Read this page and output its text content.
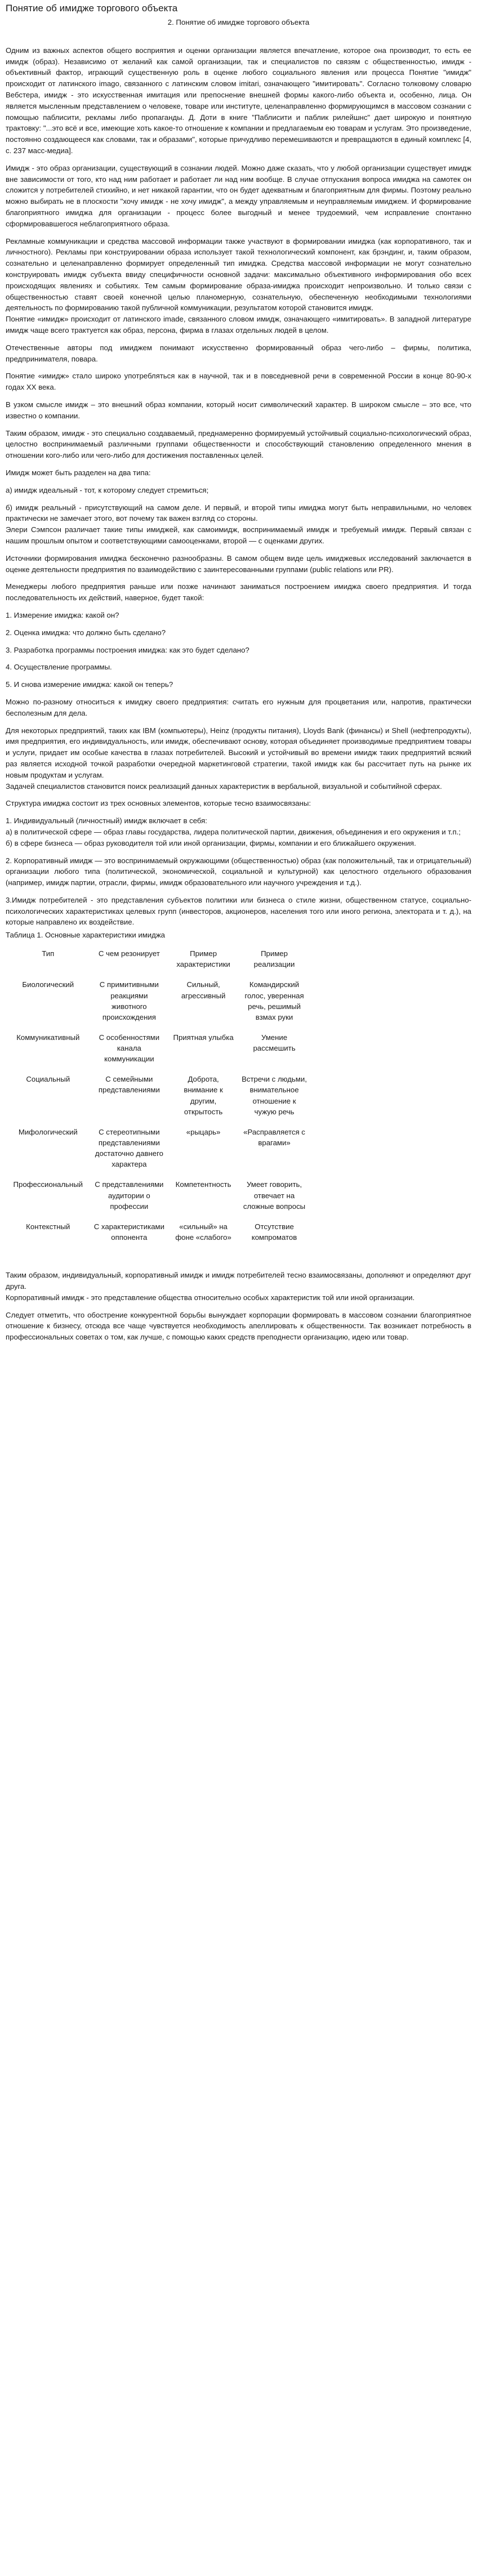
Понятие об имидже торгового объекта
2. Понятие об имидже торгового объекта

Одним из важных аспектов общего восприятия и оценки организации является впечатление, которое она производит, то есть ее имидж (образ). Независимо от желаний как самой организации, так и специалистов по связям с общественностью, имидж - объективный фактор, играющий существенную роль в оценке любого социального явления или процесса Понятие "имидж" происходит от латинского imago, связанного с латинским словом imitari, означающего "имитировать". Согласно толковому словарю Вебстера, имидж - это искусственная имитация или препоснение внешней формы какого-либо объекта и, особенно, лица. Он является мысленным представлением о человеке, товаре или институте, целенаправленно формирующимся в массовом сознании с помощью паблисити, рекламы либо пропаганды. Д. Доти в книге "Паблисити и паблик рилейшнс" дает широкую и понятную трактовку: "...это всё и все, имеющие хоть какое-то отношение к компании и предлагаемым ею товарам и услугам. Это произведение, постоянно создающееся как словами, так и образами", которые причудливо перемешиваются и превращаются в единый комплекс [4, с. 237 масс-медиа].

Имидж - это образ организации, существующий в сознании людей. Можно даже сказать, что у любой организации существует имидж вне зависимости от того, кто над ним работает и работает ли над ним вообще. В случае отпускания вопроса имиджа на самотек он сложится у потребителей стихийно, и нет никакой гарантии, что он будет адекватным и благоприятным для фирмы. Поэтому реально можно выбирать не в плоскости "хочу имидж - не хочу имидж", а между управляемым и неуправляемым имиджем. И формирование благоприятного имиджа для организации - процесс более выгодный и менее трудоемкий, чем исправление спонтанно сформировавшегося неблагоприятного образа.

Рекламные коммуникации и средства массовой информации также участвуют в формировании имиджа (как корпоративного, так и личностного). Рекламы при конструировании образа использует такой технологический компонент, как брэндинг, и, таким образом, сознательно и целенаправленно формирует определенный тип имиджа. Средства массовой информации не могут сознательно конструировать имидж субъекта ввиду специфичности основной задачи: максимально объективного информирования обо всех происходящих явлениях и событиях. Тем самым формирование образа-имиджа происходит непроизвольно. И только связи с общественностью ставят своей конечной целью планомерную, сознательную, обеспеченную необходимыми технологиями деятельность по формированию такой публичной коммуникации, результатом которой становится имидж.

Понятие «имидж» происходит от латинского imade, связанного словом имидж, означающего «имитировать». В западной литературе имидж чаще всего трактуется как образ, персона, фирма в глазах отдельных людей в целом.

Отечественные авторы под имиджем понимают искусственно формированный образ чего-либо – фирмы, политика, предпринимателя, повара.

Понятие «имидж» стало широко употребляться как в научной, так и в повседневной речи в современной России в конце 80-90-х годах ХХ века.

В узком смысле имидж – это внешний образ компании, который носит символический характер. В широком смысле – это все, что известно о компании.

Таким образом, имидж - это специально создаваемый, преднамеренно формируемый устойчивый социально-психологический образ, целостно воспринимаемый различными группами общественности и способствующий становлению определенного мнения в отношении кого-либо или чего-либо для достижения поставленных целей.

Имидж может быть разделен на два типа:

а) имидж идеальный - тот, к которому следует стремиться;

б) имидж реальный - присутствующий на самом деле. И первый, и второй типы имиджа могут быть неправильными, но человек практически не замечает этого, вот почему так важен взгляд со стороны.

Элери Сэмпсон различает такие типы имиджей, как самоимидж, воспринимаемый имидж и требуемый имидж. Первый связан с нашим прошлым опытом и соответствующими самооценками, второй — с оценками других.

Источники формирования имиджа бесконечно разнообразны. В самом общем виде цель имиджевых исследований заключается в оценке деятельности предприятия по взаимодействию с заинтересованными группами (public relations или PR).

Менеджеры любого предприятия раньше или позже начинают заниматься построением имиджа своего предприятия. И тогда последовательность их действий, наверное, будет такой:

1. Измерение имиджа: какой он?

2. Оценка имиджа: что должно быть сделано?

3. Разработка программы построения имиджа: как это будет сделано?

4. Осуществление программы.

5. И снова измерение имиджа: какой он теперь?

Можно по-разному относиться к имиджу своего предприятия: считать его нужным для процветания или, напротив, практически бесполезным для дела.

Для некоторых предприятий, таких как IBM (компьютеры), Heinz (продукты питания), Lloyds Bank (финансы) и Shell (нефтепродукты), имя предприятия, его индивидуальность, или имидж, обеспечивают основу, которая объединяет производимые предприятием товары и услуги, придает им особые качества в глазах потребителей. Высокий и устойчивый во времени имидж таких предприятий всякий раз является исходной точкой разработки очередной маркетинговой стратегии, такой имидж как бы рассчитает путь на рынке их новым продуктам и услугам.

Задачей специалистов становится поиск реализаций данных характеристик в вербальной, визуальной и событийной сферах.

Структура имиджа состоит из трех основных элементов, которые тесно взаимосвязаны:

1. Индивидуальный (личностный) имидж включает в себя:

а) в политической сфере — образ главы государства, лидера политической партии, движения, объединения и его окружения и т.п.;

б) в сфере бизнеса — образ руководителя той или иной организации, фирмы, компании и его ближайшего окружения.

2. Корпоративный имидж — это воспринимаемый окружающими (общественностью) образ (как положительный, так и отрицательный) организации любого типа (политической, экономической, социальной и культурной) как целостного отдельного образования (например, имидж партии, отрасли, фирмы, имидж образовательного или научного учреждения и т.д.).

3.Имидж потребителей - это представления субъектов политики или бизнеса о стиле жизни, общественном статусе, социально-психологических характеристиках целевых групп (инвесторов, акционеров, населения того или иного региона, электората и т. д.), на которые направлено их воздействие.

Таблица 1. Основные характеристики имиджа

Тип	С чем резонирует	Пример характеристики	Пример реализации
Биологический	С примитивными реакциями животного происхождения	Сильный, агрессивный	Командирский голос, уверенная речь, решимый взмах руки
Коммуникативный	С особенностями канала коммуникации	Приятная улыбка	Умение рассмешить
Социальный	С семейными представлениями	Доброта, внимание к другим, открытость	Встречи с людьми, внимательное отношение к чужую речь
Мифологический	С стереотипными представлениями достаточно давнего характера	«рыцарь»	«Расправляется с врагами»
Профессиональный	С представлениями аудитории о профессии	Компетентность	Умеет говорить, отвечает на сложные вопросы
Контекстный	С характеристиками оппонента	«сильный» на фоне «слабого»	Отсутствие компроматов

Таким образом, индивидуальный, корпоративный имидж и имидж потребителей тесно взаимосвязаны, дополняют и определяют друг друга.

Корпоративный имидж - это представление общества относительно особых характеристик той или иной организации.

Следует отметить, что обострение конкурентной борьбы вынуждает корпорации формировать в массовом сознании благоприятное отношение к бизнесу, отсюда все чаще чувствуется необходимость апеллировать к общественности. Так возникает потребность в профессиональных советах о том, как лучше, с помощью каких средств преподнести организацию, идею или товар.
